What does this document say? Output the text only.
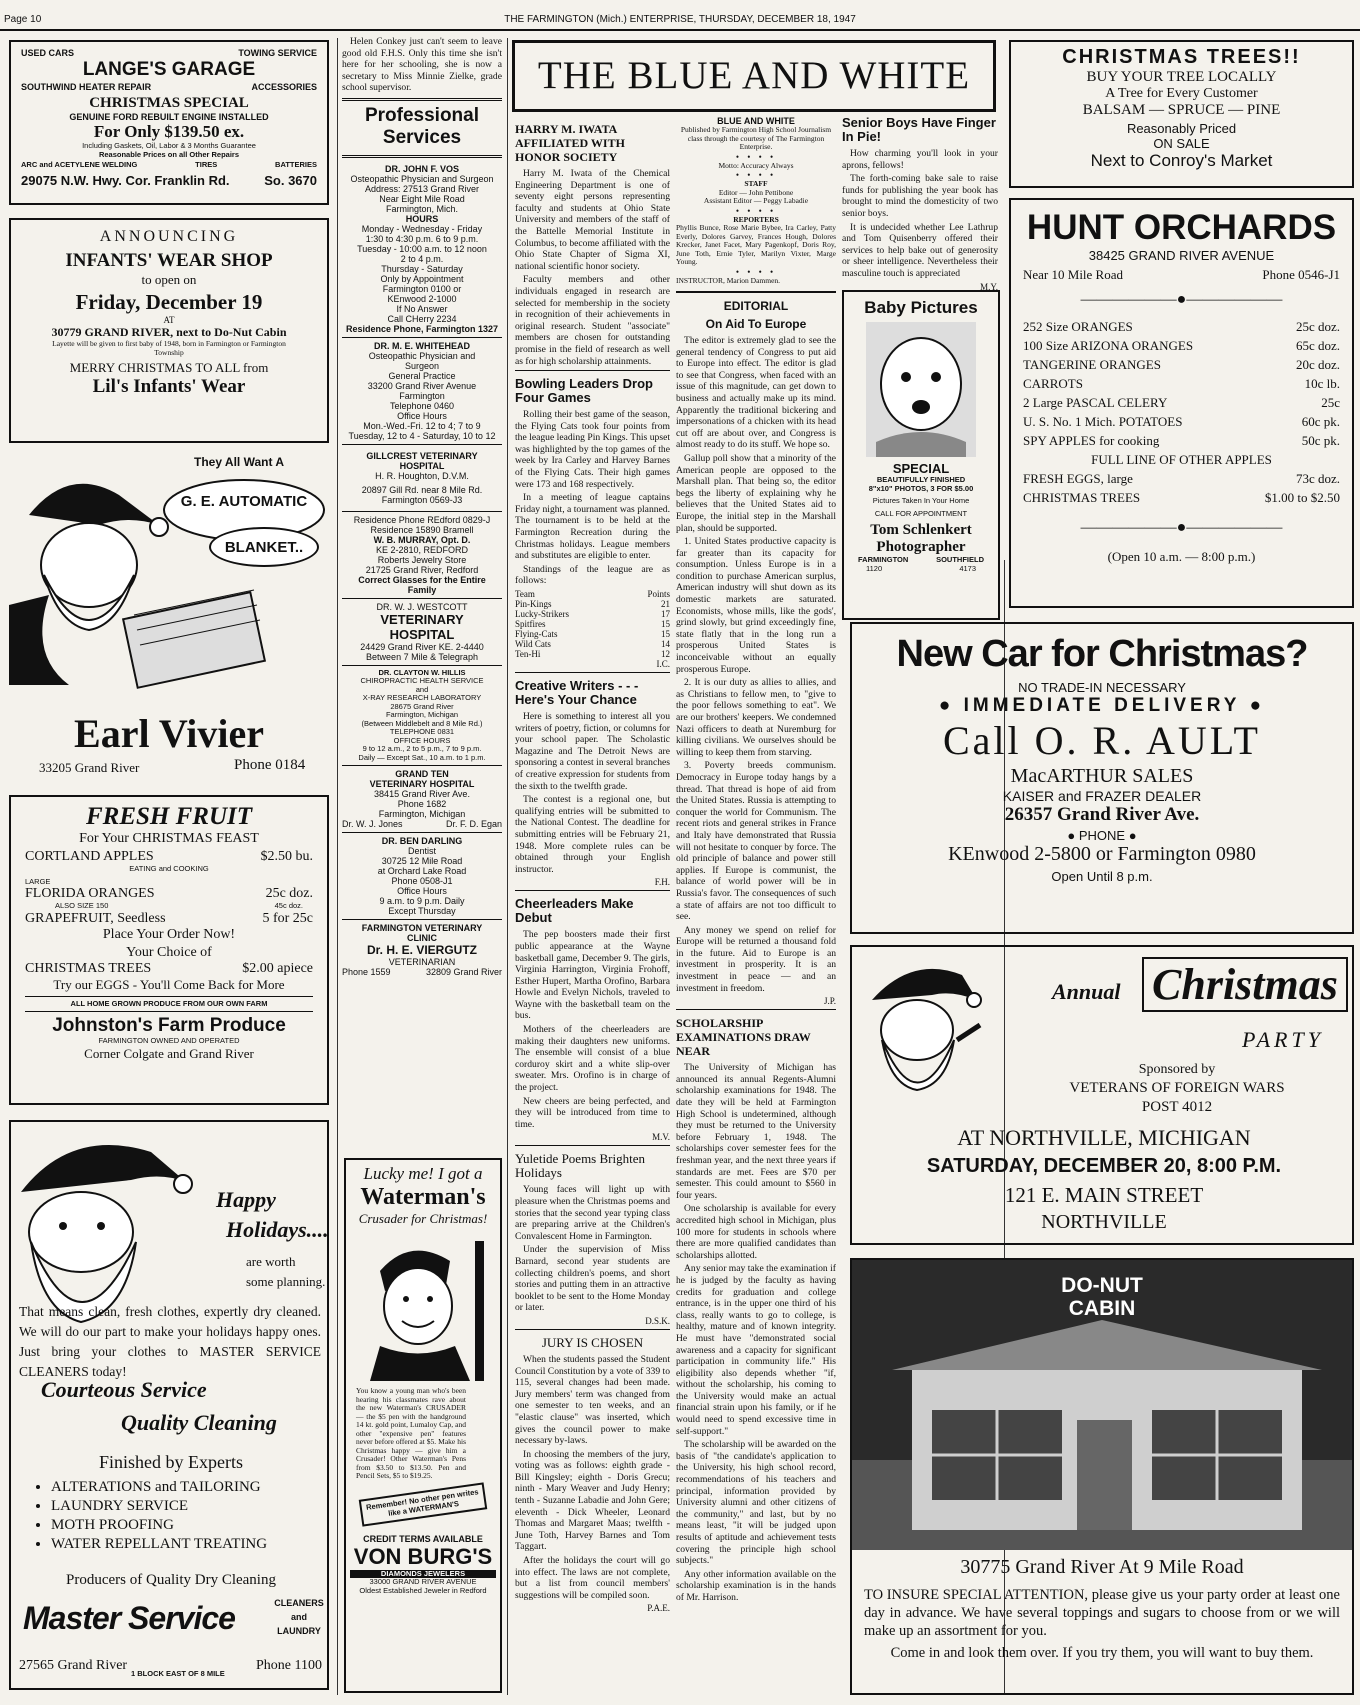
Page 10	THE FARMINGTON (Mich.) ENTERPRISE, THURSDAY, DECEMBER 18, 1947
USED CARS	TOWING SERVICE
LANGE'S GARAGE
SOUTHWIND HEATER REPAIR	ACCESSORIES
CHRISTMAS SPECIAL
GENUINE FORD REBUILT ENGINE INSTALLED
For Only $139.50 ex.
Including Gaskets, Oil, Labor & 3 Months Guarantee
Reasonable Prices on all Other Repairs
ARC and ACETYLENE WELDING	TIRES	BATTERIES
29075 N.W. Hwy. Cor. Franklin Rd.	So. 3670
ANNOUNCING
INFANTS' WEAR SHOP
to open on
Friday, December 19
AT
30779 GRAND RIVER, next to Do-Nut Cabin
Layette will be given to first baby of 1948, born in Farmington or Farmington Township
MERRY CHRISTMAS TO ALL from
Lil's Infants' Wear
They All Want A
G. E. AUTOMATIC
BLANKET..
Earl Vivier
33205 Grand River	Phone 0184
FRESH FRUIT
For Your CHRISTMAS FEAST
CORTLAND APPLES	$2.50 bu.
EATING and COOKING
LARGE
FLORIDA ORANGES	25c doz.
ALSO SIZE 150	45c doz.
GRAPEFRUIT, Seedless	5 for 25c
Place Your Order Now!
Your Choice of
CHRISTMAS TREES	$2.00 apiece
Try our EGGS - You'll Come Back for More
ALL HOME GROWN PRODUCE FROM OUR OWN FARM
Johnston's Farm Produce
FARMINGTON OWNED AND OPERATED
Corner Colgate and Grand River
Happy
Holidays....
are worth some planning.
That means clean, fresh clothes, expertly dry cleaned. We will do our part to make your holidays happy ones. Just bring your clothes to MASTER SERVICE CLEANERS today!
Courteous Service
Quality Cleaning
Finished by Experts
• ALTERATIONS and TAILORING
• LAUNDRY SERVICE
• MOTH PROOFING
• WATER REPELLANT TREATING
Producers of Quality Dry Cleaning
Master Service	CLEANERS
and
LAUNDRY
27565 Grand River
1 BLOCK EAST OF 8 MILE
Phone 1100

Helen Conkey just can't seem to leave good old F.H.S. Only this time she isn't here for her schooling, she is now a secretary to Miss Minnie Zielke, grade school supervisor.

Professional
Services
DR. JOHN F. VOS
Osteopathic Physician and Surgeon
Address: 27513 Grand River
Near Eight Mile Road
Farmington, Mich.
HOURS
Monday - Wednesday - Friday
1:30 to 4:30 p.m. 6 to 9 p.m.
Tuesday - 10:00 a.m. to 12 noon
2 to 4 p.m.
Thursday - Saturday
Only by Appointment
Farmington 0100 or
KEnwood 2-1000
If No Answer
Call CHerry 2234
Residence Phone, Farmington 1327
DR. M. E. WHITEHEAD
Osteopathic Physician and
Surgeon
General Practice
33200 Grand River Avenue
Farmington
Telephone 0460
Office Hours
Mon.-Wed.-Fri. 12 to 4; 7 to 9
Tuesday, 12 to 4 - Saturday, 10 to 12
GILLCREST VETERINARY
HOSPITAL
H. R. Houghton, D.V.M.
20897 Gill Rd. near 8 Mile Rd.
Farmington 0569-J3
Residence Phone REdford 0829-J
Residence 15890 Bramell
W. B. MURRAY, Opt. D.
KE 2-2810, REDFORD
Roberts Jewelry Store
21725 Grand River, Redford
Correct Glasses for the Entire
Family
DR. W. J. WESTCOTT
VETERINARY
HOSPITAL
24429 Grand River KE. 2-4440
Between 7 Mile & Telegraph
DR. CLAYTON W. HILLIS
CHIROPRACTIC HEALTH SERVICE
and
X-RAY RESEARCH LABORATORY
28675 Grand River
Farmington, Michigan
(Between Middlebelt and 8 Mile Rd.)
TELEPHONE 0831
OFFICE HOURS
9 to 12 a.m., 2 to 5 p.m., 7 to 9 p.m.
Daily — Except Sat., 10 a.m. to 1 p.m.
GRAND TEN
VETERINARY HOSPITAL
38415 Grand River Ave.
Phone 1682
Farmington, Michigan
Dr. W. J. Jones	Dr. F. D. Egan
DR. BEN DARLING
Dentist
30725 12 Mile Road
at Orchard Lake Road
Phone 0508-J1
Office Hours
9 a.m. to 9 p.m. Daily
Except Thursday
FARMINGTON VETERINARY
CLINIC
Dr. H. E. VIERGUTZ
VETERINARIAN
Phone 1559	32809 Grand River
Lucky me! I got a
Waterman's
Crusader for Christmas!
You know a young man who's been hearing his classmates rave about the new Waterman's CRUSADER — the $5 pen with the handground 14 kt. gold point, Lumaloy Cap, and other "expensive pen" features never before offered at $5. Make his Christmas happy — give him a Crusader! Other Waterman's Pens from $3.50 to $13.50. Pen and Pencil Sets, $5 to $19.25.
Remember! No other pen writes like a WATERMAN'S
CREDIT TERMS AVAILABLE
VON BURG'S
DIAMONDS JEWELERS
33000 GRAND RIVER AVENUE
Oldest Established Jeweler in Redford
THE BLUE AND WHITE
HARRY M. IWATA AFFILIATED WITH HONOR SOCIETY

Harry M. Iwata of the Chemical Engineering Department is one of seventy eight persons representing faculty and students at Ohio State University and members of the staff of the Battelle Memorial Institute in Columbus, to become affiliated with the Ohio State Chapter of Sigma XI, national scientific honor society.

Faculty members and other individuals engaged in research are selected for membership in the society in recognition of their achievements in original research. Student "associate" members are chosen for outstanding promise in the field of research as well as for high scholarship attainments.

Bowling Leaders Drop Four Games

Rolling their best game of the season, the Flying Cats took four points from the league leading Pin Kings. This upset was highlighted by the top games of the week by Ira Carley and Harvey Barnes of the Flying Cats. Their high games were 173 and 168 respectively.

In a meeting of league captains Friday night, a tournament was planned. The tournament is to be held at the Farmington Recreation during the Christmas holidays. League members and substitutes are eligible to enter.

Standings of the league are as follows:

Team	Points
Pin-Kings	21
Lucky-Strikers	17
Spitfires	15
Flying-Cats	15
Wild Cats	14
Ten-Hi	12
I.C.
Creative Writers - - - Here's Your Chance

Here is something to interest all you writers of poetry, fiction, or columns for your school paper. The Scholastic Magazine and The Detroit News are sponsoring a contest in several branches of creative expression for students from the sixth to the twelfth grade.

The contest is a regional one, but qualifying entries will be submitted to the National Contest. The deadline for submitting entries will be February 21, 1948. More complete rules can be obtained through your English instructor.

F.H.
Cheerleaders Make Debut

The pep boosters made their first public appearance at the Wayne basketball game, December 9. The girls, Virginia Harrington, Virginia Frohoff, Esther Hupert, Martha Orofino, Barbara Howle and Evelyn Nichols, traveled to Wayne with the basketball team on the bus.

Mothers of the cheerleaders are making their daughters new uniforms. The ensemble will consist of a blue corduroy skirt and a white slip-over sweater. Mrs. Orofino is in charge of the project.

New cheers are being perfected, and they will be introduced from time to time.

M.V.
Yuletide Poems Brighten Holidays

Young faces will light up with pleasure when the Christmas poems and stories that the second year typing class are preparing arrive at the Children's Convalescent Home in Farmington.

Under the supervision of Miss Barnard, second year students are collecting children's poems, and short stories and putting them in an attractive booklet to be sent to the Home Monday or later.

D.S.K.
JURY IS CHOSEN

When the students passed the Student Council Constitution by a vote of 339 to 115, several changes had been made. Jury members' term was changed from one semester to ten weeks, and an "elastic clause" was inserted, which gives the council power to make necessary by-laws.

In choosing the members of the jury, voting was as follows: eighth grade - Bill Kingsley; eighth - Doris Grecu; ninth - Mary Weaver and Judy Henry; tenth - Suzanne Labadie and John Gere; eleventh - Dick Wheeler, Leonard Thomas and Margaret Maas; twelfth - June Toth, Harvey Barnes and Tom Taggart.

After the holidays the court will go into effect. The laws are not complete, but a list from council members' suggestions will be compiled soon.

P.A.E.
BLUE AND WHITE
Published by Farmington High School Journalism class through the courtesy of The Farmington Enterprise.
• • • •
Motto: Accuracy Always
• • • •
STAFF
Editor — John Pettibone
Assistant Editor — Peggy Labadie
• • • •
REPORTERS
Phyllis Bunce, Rose Marie Bybee, Ira Carley, Patty Everly, Dolores Garvey, Frances Hough, Dolores Krecker, Janet Facet, Mary Pagenkopf, Doris Roy, June Toth, Ernie Tyler, Marilyn Vixter, Marge Young.
• • • •
INSTRUCTOR, Marion Dammen.
EDITORIAL
On Aid To Europe

The editor is extremely glad to see the general tendency of Congress to put aid to Europe into effect. The editor is glad to see that Congress, when faced with an issue of this magnitude, can get down to business and actually make up its mind. Apparently the traditional bickering and impersonations of a chicken with its head cut off are about over, and Congress is almost ready to do its stuff. We hope so.

Gallup poll show that a minority of the American people are opposed to the Marshall plan. That being so, the editor begs the liberty of explaining why he believes that the United States aid to Europe, the initial step in the Marshall plan, should be supported.

1. United States productive capacity is far greater than its capacity for consumption. Unless Europe is in a condition to purchase American surplus, American industry will shut down as its domestic markets are saturated. Economists, whose mills, like the gods', grind slowly, but grind exceedingly fine, state flatly that in the long run a prosperous United States is inconceivable without an equally prosperous Europe.

2. It is our duty as allies to allies, and as Christians to fellow men, to "give to the poor fellows something to eat". We are our brothers' keepers. We condemned Nazi officers to death at Nuremburg for killing civilians. We ourselves should be willing to keep them from starving.

3. Poverty breeds communism. Democracy in Europe today hangs by a thread. That thread is hope of aid from the United States. Russia is attempting to conquer the world for Communism. The recent riots and general strikes in France and Italy have demonstrated that Russia will not hesitate to conquer by force. The old principle of balance and power still applies. If Europe is communist, the balance of world power will be in Russia's favor. The consequences of such a state of affairs are not too difficult to see.

Any money we spend on relief for Europe will be returned a thousand fold in the future. Aid to Europe is an investment in prosperity. It is an investment in peace — and an investment in freedom.

J.P.
SCHOLARSHIP EXAMINATIONS DRAW NEAR

The University of Michigan has announced its annual Regents-Alumni scholarship examinations for 1948. The date they will be held at Farmington High School is undetermined, although they must be returned to the University before February 1, 1948. The scholarships cover semester fees for the freshman year, and the next three years if standards are met. Fees are $70 per semester. This could amount to $560 in four years.

One scholarship is available for every accredited high school in Michigan, plus 100 more for students in schools where there are more qualified candidates than scholarships allotted.

Any senior may take the examination if he is judged by the faculty as having credits for graduation and college entrance, is in the upper one third of his class, really wants to go to college, is healthy, mature and of known integrity. He must have "demonstrated social awareness and a capacity for significant participation in community life." His eligibility also depends whether "if, without the scholarship, his coming to the University would make an actual financial strain upon his family, or if he would need to spend excessive time in self-support."

The scholarship will be awarded on the basis of "the candidate's application to the University, his high school record, recommendations of his teachers and principal, information provided by University alumni and other citizens of the community," and last, but by no means least, "it will be judged upon results of aptitude and achievement tests covering the principle high school subjects."

Any other information available on the scholarship examination is in the hands of Mr. Harrison.

Senior Boys Have Finger In Pie!

How charming you'll look in your aprons, fellows!

The forth-coming bake sale to raise funds for publishing the year book has brought to mind the domesticity of two senior boys.

It is undecided whether Lee Lathrup and Tom Quisenberry offered their services to help bake out of generosity or sheer intelligence. Nevertheless their masculine touch is appreciated

M.Y.
Baby Pictures
SPECIAL
BEAUTIFULLY FINISHED
8"x10" PHOTOS, 3 FOR $5.00
Pictures Taken In Your Home
CALL FOR APPOINTMENT
Tom Schlenkert
Photographer
FARMINGTON	SOUTHFIELD
1120	4173
CHRISTMAS TREES!!
BUY YOUR TREE LOCALLY
A Tree for Every Customer
BALSAM — SPRUCE — PINE
Reasonably Priced
ON SALE
Next to Conroy's Market
HUNT ORCHARDS
38425 GRAND RIVER AVENUE
Near 10 Mile Road	Phone 0546-J1
——————●——————
252 Size ORANGES	25c doz.
100 Size ARIZONA ORANGES	65c doz.
TANGERINE ORANGES	20c doz.
CARROTS	10c lb.
2 Large PASCAL CELERY	25c
U. S. No. 1 Mich. POTATOES	60c pk.
SPY APPLES for cooking	50c pk.
FULL LINE OF OTHER APPLES
FRESH EGGS, large	73c doz.
CHRISTMAS TREES	$1.00 to $2.50
——————●——————
(Open 10 a.m. — 8:00 p.m.)
New Car for Christmas?
NO TRADE-IN NECESSARY
● IMMEDIATE DELIVERY ●
Call O. R. AULT
MacARTHUR SALES
KAISER and FRAZER DEALER
26357 Grand River Ave.
● PHONE ●
KEnwood 2-5800 or Farmington 0980
Open Until 8 p.m.
Annual Christmas
PARTY
Sponsored by
VETERANS OF FOREIGN WARS
POST 4012
AT NORTHVILLE, MICHIGAN
SATURDAY, DECEMBER 20, 8:00 P.M.
121 E. MAIN STREET
NORTHVILLE
DO-NUT
CABIN
30775 Grand River At 9 Mile Road
TO INSURE SPECIAL ATTENTION, please give us your party order at least one day in advance. We have several toppings and sugars to choose from or we will make up an assortment for you.
Come in and look them over. If you try them, you will want to buy them.
